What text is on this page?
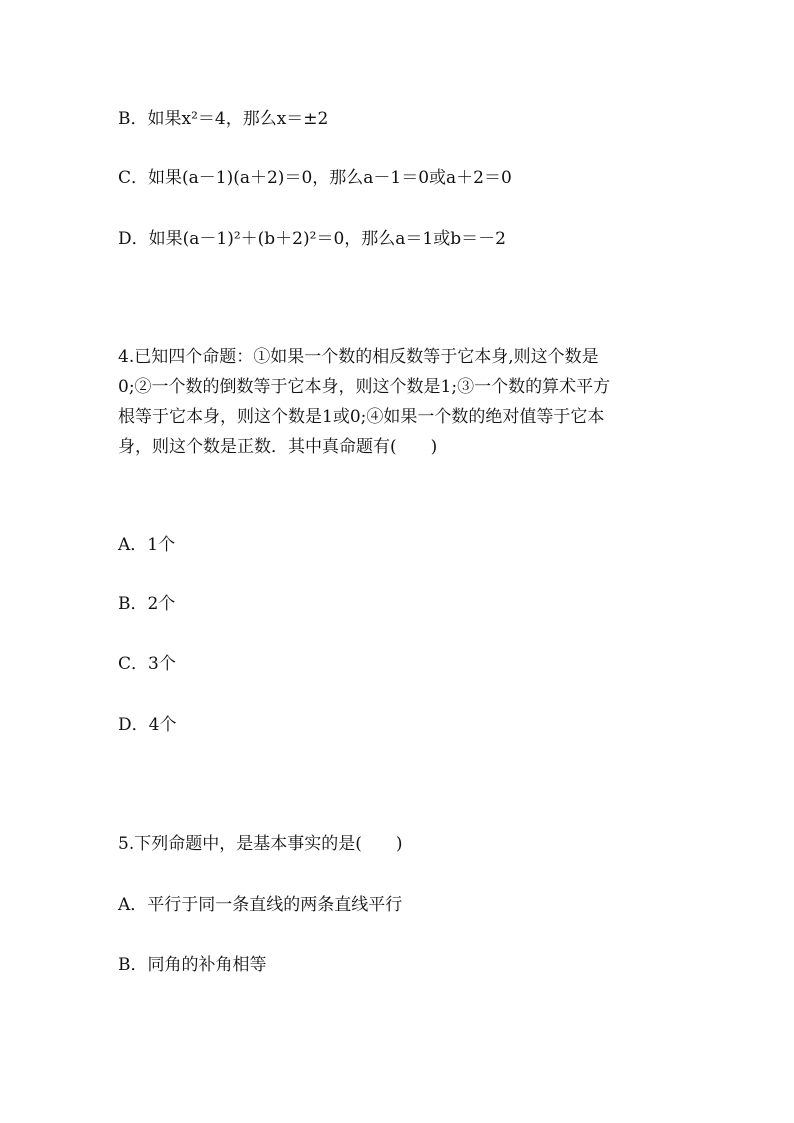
B．如果x²＝4，那么x＝±2
C．如果(a－1)(a＋2)＝0，那么a－1＝0或a＋2＝0
D．如果(a－1)²＋(b＋2)²＝0，那么a＝1或b＝－2
4.已知四个命题：①如果一个数的相反数等于它本身,则这个数是
0;②一个数的倒数等于它本身，则这个数是1;③一个数的算术平方
根等于它本身，则这个数是1或0;④如果一个数的绝对值等于它本
身，则这个数是正数．其中真命题有(　　)
A．1个
B．2个
C．3个
D．4个
5.下列命题中，是基本事实的是(　　)
A．平行于同一条直线的两条直线平行
B．同角的补角相等
